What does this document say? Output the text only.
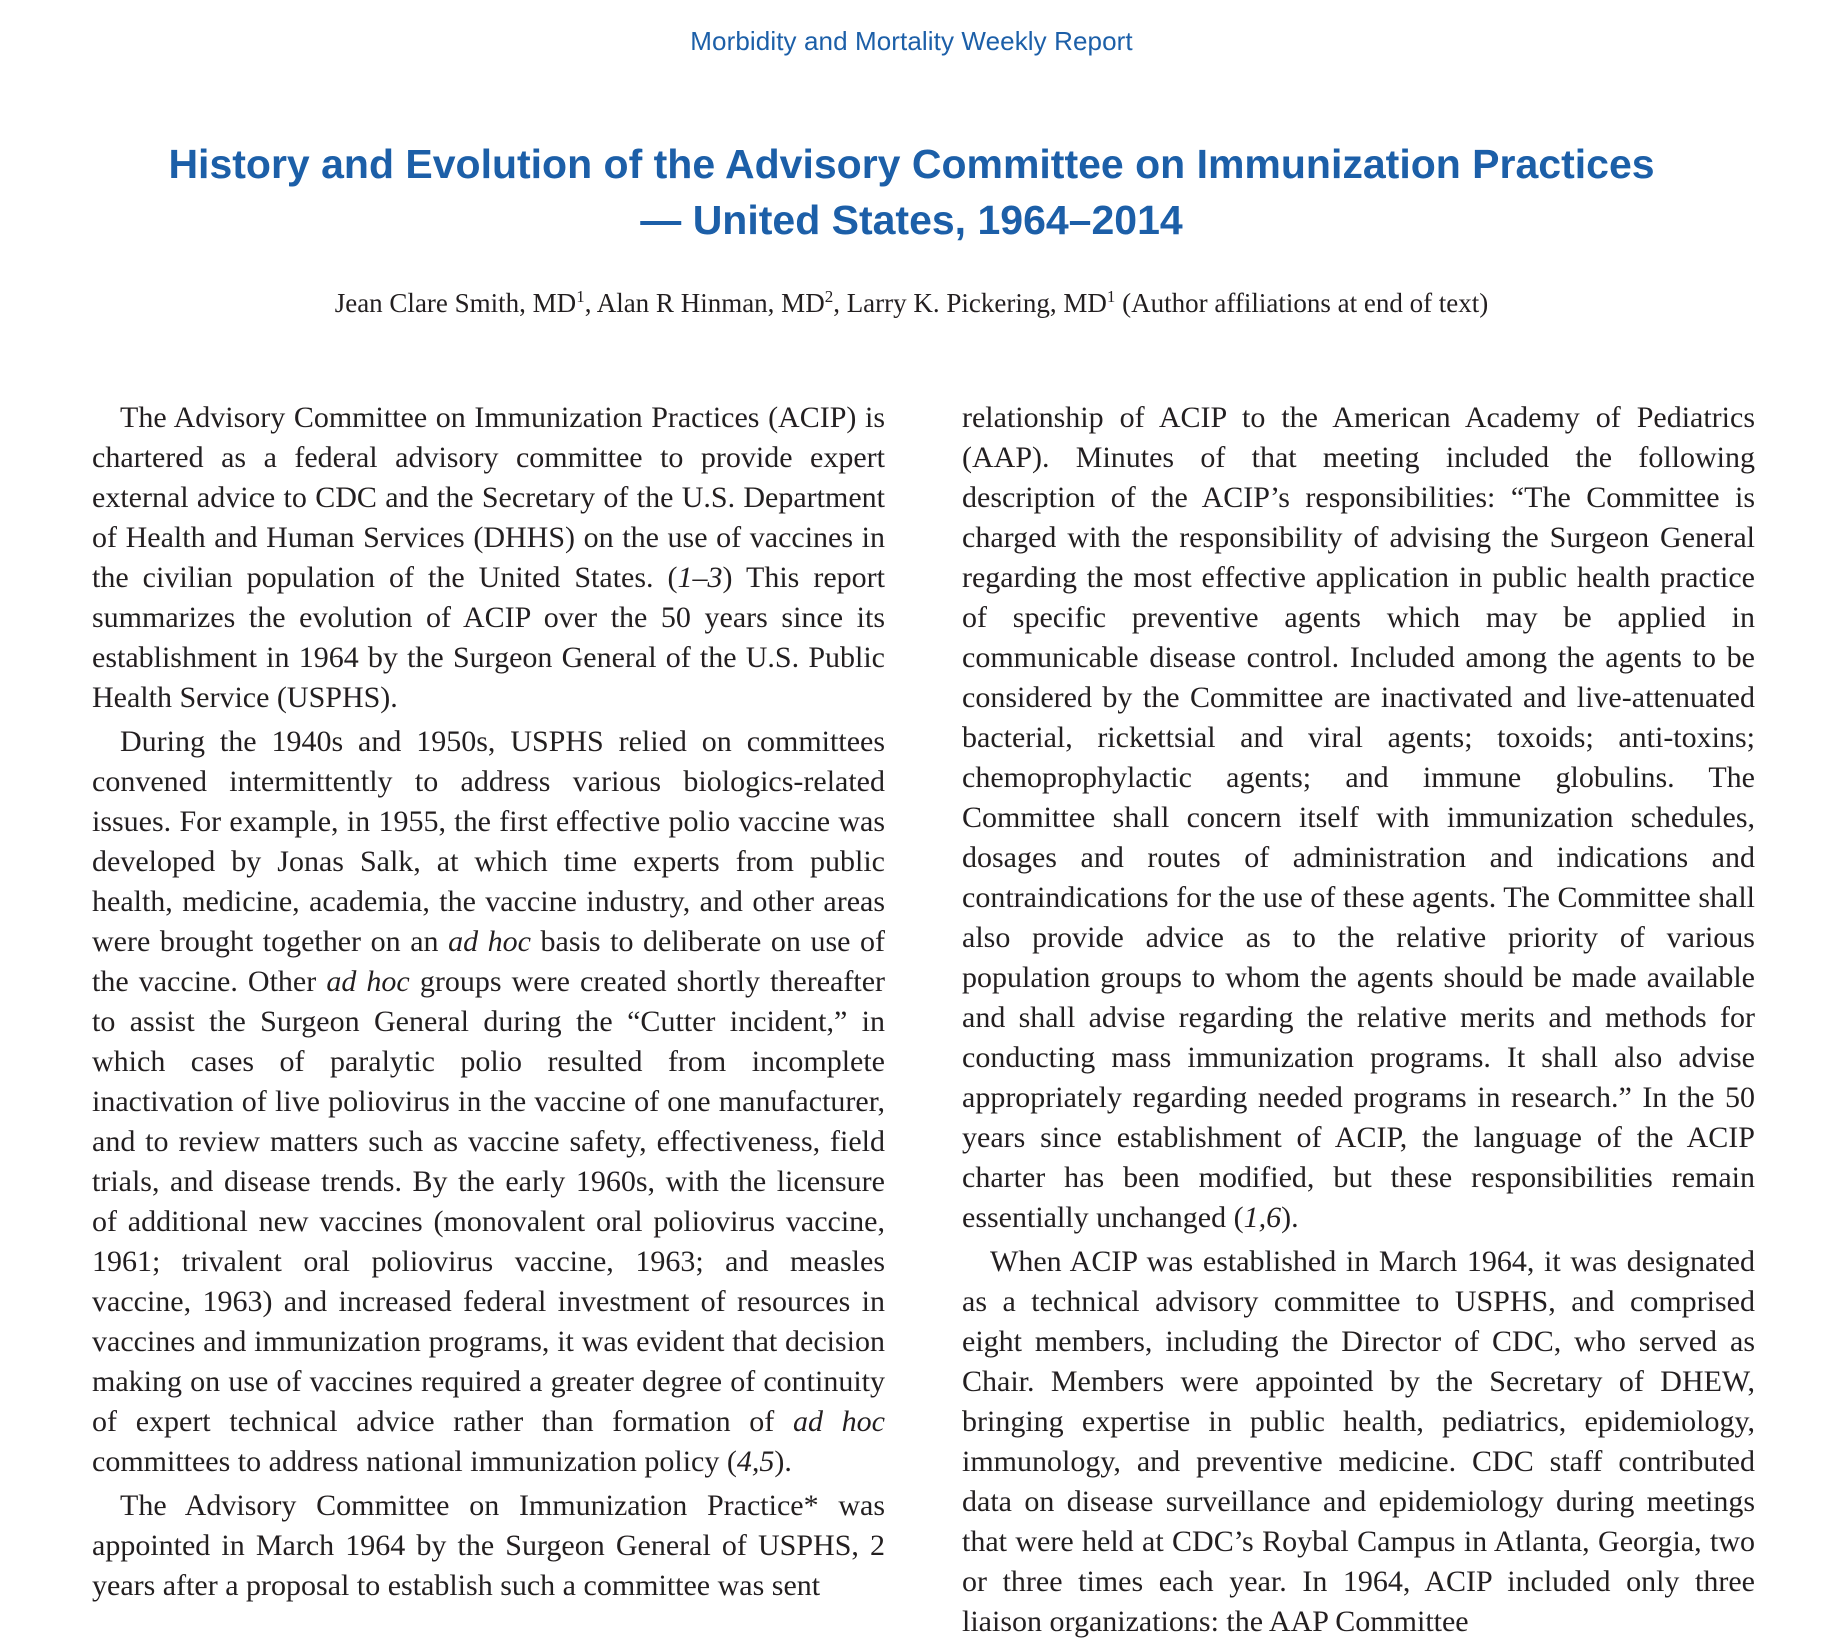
Morbidity and Mortality Weekly Report
History and Evolution of the Advisory Committee on Immunization Practices
— United States, 1964–2014
Jean Clare Smith, $MD^1$, Alan R Hinman, $MD^2$, Larry K. Pickering, $MD^1$ (Author affiliations at end of text)

The Advisory Committee on Immunization Practices (ACIP) is chartered as a federal advisory committee to provide expert external advice to CDC and the Secretary of the U.S. Department of Health and Human Services (DHHS) on the use of vaccines in the civilian population of the United States. (1–3) This report summarizes the evolution of ACIP over the 50 years since its establishment in 1964 by the Surgeon General of the U.S. Public Health Service (USPHS).

During the 1940s and 1950s, USPHS relied on committees convened intermittently to address various biologics-related issues. For example, in 1955, the first effective polio vaccine was developed by Jonas Salk, at which time experts from public health, medicine, academia, the vaccine industry, and other areas were brought together on an ad hoc basis to deliberate on use of the vaccine. Other ad hoc groups were created shortly thereafter to assist the Surgeon General during the “Cutter incident,” in which cases of paralytic polio resulted from incomplete inactivation of live poliovirus in the vaccine of one manufacturer, and to review matters such as vaccine safety, effectiveness, field trials, and disease trends. By the early 1960s, with the licensure of additional new vaccines (monovalent oral poliovirus vaccine, 1961; trivalent oral poliovirus vaccine, 1963; and measles vaccine, 1963) and increased federal investment of resources in vaccines and immunization programs, it was evident that decision making on use of vaccines required a greater degree of continuity of expert technical advice rather than formation of ad hoc committees to address national immunization policy (4,5).

The Advisory Committee on Immunization Practice* was appointed in March 1964 by the Surgeon General of USPHS, 2 years after a proposal to establish such a committee was sent

relationship of ACIP to the American Academy of Pediatrics (AAP). Minutes of that meeting included the following description of the ACIP’s responsibilities: “The Committee is charged with the responsibility of advising the Surgeon General regarding the most effective application in public health practice of specific preventive agents which may be applied in communicable disease control. Included among the agents to be considered by the Committee are inactivated and live-attenuated bacterial, rickettsial and viral agents; toxoids; anti-toxins; chemoprophylactic agents; and immune globulins. The Committee shall concern itself with immunization schedules, dosages and routes of administration and indications and contraindications for the use of these agents. The Committee shall also provide advice as to the relative priority of various population groups to whom the agents should be made available and shall advise regarding the relative merits and methods for conducting mass immunization programs. It shall also advise appropriately regarding needed programs in research.” In the 50 years since establishment of ACIP, the language of the ACIP charter has been modified, but these responsibilities remain essentially unchanged (1,6).

When ACIP was established in March 1964, it was designated as a technical advisory committee to USPHS, and comprised eight members, including the Director of CDC, who served as Chair. Members were appointed by the Secretary of DHEW, bringing expertise in public health, pediatrics, epidemiology, immunology, and preventive medicine. CDC staff contributed data on disease surveillance and epidemiology during meetings that were held at CDC’s Roybal Campus in Atlanta, Georgia, two or three times each year. In 1964, ACIP included only three liaison organizations: the AAP Committee
